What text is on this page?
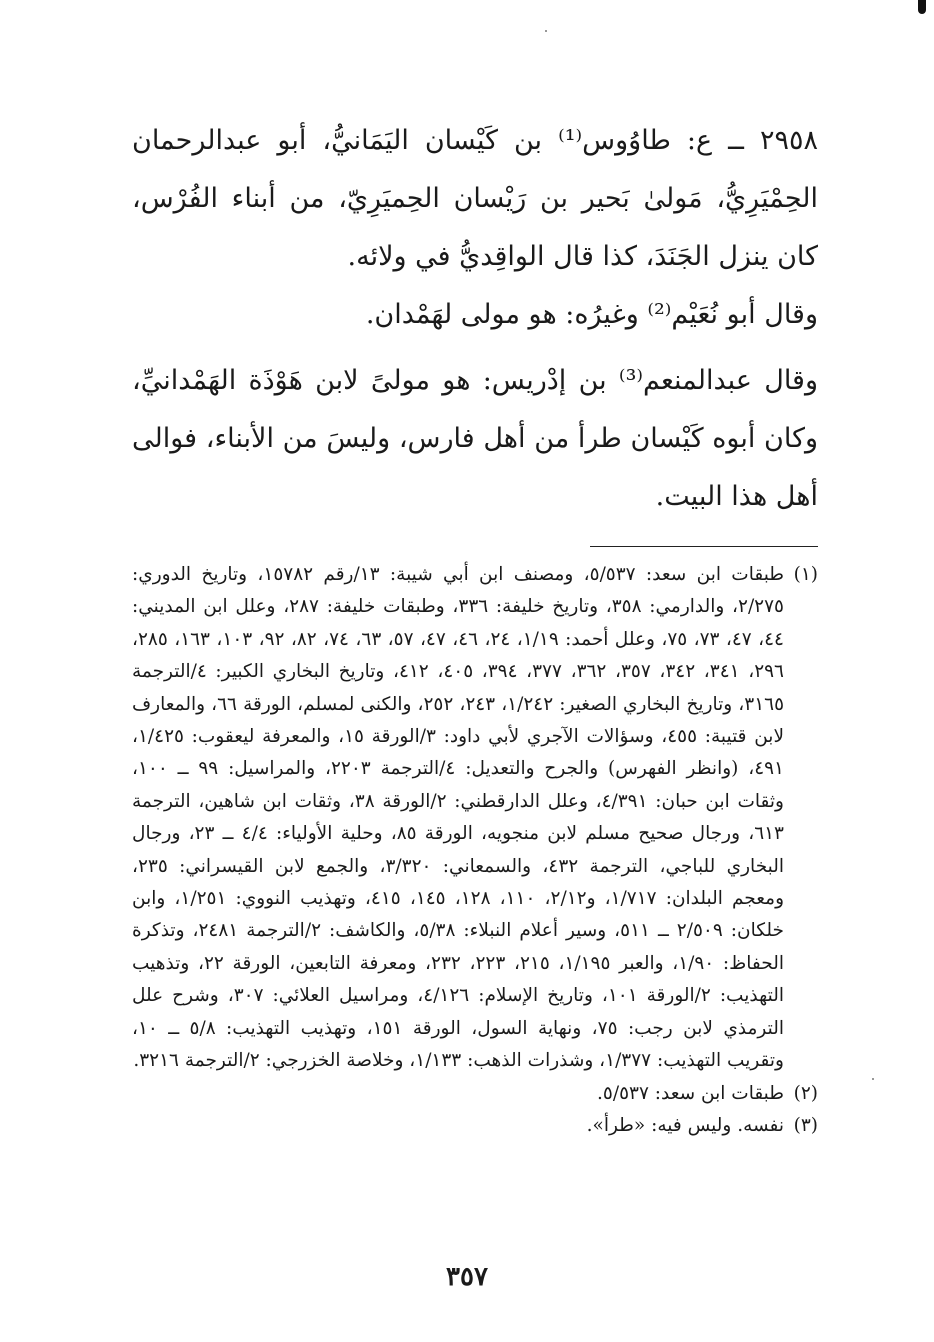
٢٩٥٨ ــ ع: طاوُوس⁽¹⁾ بن كَيْسان اليَمَانيُّ، أبو عبدالرحمان الحِمْيَرِيُّ، مَولىٰ بَحير بن رَيْسان الحِميَرِيّ، من أبناء الفُرْس، كان ينزل الجَنَدَ، كذا قال الواقِديُّ في ولائه.

وقال أبو نُعَيْم⁽²⁾ وغيرُه: هو مولى لهَمْدان.

وقال عبدالمنعم⁽³⁾ بن إدْريس: هو مولىً لابن هَوْذَة الهَمْدانيِّ، وكان أبوه كَيْسان طرأ من أهل فارس، وليسَ من الأبناء، فوالى أهل هذا البيت.

(١)
طبقات ابن سعد: ٥/٥٣٧، ومصنف ابن أبي شيبة: ١٣/رقم ١٥٧٨٢، وتاريخ الدوري: ٢/٢٧٥، والدارمي: ٣٥٨، وتاريخ خليفة: ٣٣٦، وطبقات خليفة: ٢٨٧، وعلل ابن المديني: ٤٤، ٤٧، ٧٣، ٧٥، وعلل أحمد: ١/١٩، ٢٤، ٤٦، ٤٧، ٥٧، ٦٣، ٧٤، ٨٢، ٩٢، ١٠٣، ١٦٣، ٢٨٥، ٢٩٦، ٣٤١، ٣٤٢، ٣٥٧، ٣٦٢، ٣٧٧، ٣٩٤، ٤٠٥، ٤١٢، وتاريخ البخاري الكبير: ٤/الترجمة ٣١٦٥، وتاريخ البخاري الصغير: ١/٢٤٢، ٢٤٣، ٢٥٢، والكنى لمسلم، الورقة ٦٦، والمعارف لابن قتيبة: ٤٥٥، وسؤالات الآجري لأبي داود: ٣/الورقة ١٥، والمعرفة ليعقوب: ١/٤٢٥، ٤٩١، (وانظر الفهرس) والجرح والتعديل: ٤/الترجمة ٢٢٠٣، والمراسيل: ٩٩ ــ ١٠٠، وثقات ابن حبان: ٤/٣٩١، وعلل الدارقطني: ٢/الورقة ٣٨، وثقات ابن شاهين، الترجمة ٦١٣، ورجال صحيح مسلم لابن منجويه، الورقة ٨٥، وحلية الأولياء: ٤/٤ ــ ٢٣، ورجال البخاري للباجي، الترجمة ٤٣٢، والسمعاني: ٣/٣٢٠، والجمع لابن القيسراني: ٢٣٥، ومعجم البلدان: ١/٧١٧، و٢/١٢، ١١٠، ١٢٨، ١٤٥، ٤١٥، وتهذيب النووي: ١/٢٥١، وابن خلكان: ٢/٥٠٩ ــ ٥١١، وسير أعلام النبلاء: ٥/٣٨، والكاشف: ٢/الترجمة ٢٤٨١، وتذكرة الحفاظ: ١/٩٠، والعبر ١/١٩٥، ٢١٥، ٢٢٣، ٢٣٢، ومعرفة التابعين، الورقة ٢٢، وتذهيب التهذيب: ٢/الورقة ١٠١، وتاريخ الإسلام: ٤/١٢٦، ومراسيل العلائي: ٣٠٧، وشرح علل الترمذي لابن رجب: ٧٥، ونهاية السول، الورقة ١٥١، وتهذيب التهذيب: ٥/٨ ــ ١٠، وتقريب التهذيب: ١/٣٧٧، وشذرات الذهب: ١/١٣٣، وخلاصة الخزرجي: ٢/الترجمة ٣٢١٦.
(٢)
طبقات ابن سعد: ٥/٥٣٧.
(٣)
نفسه. وليس فيه: «طرأ».
٣٥٧
